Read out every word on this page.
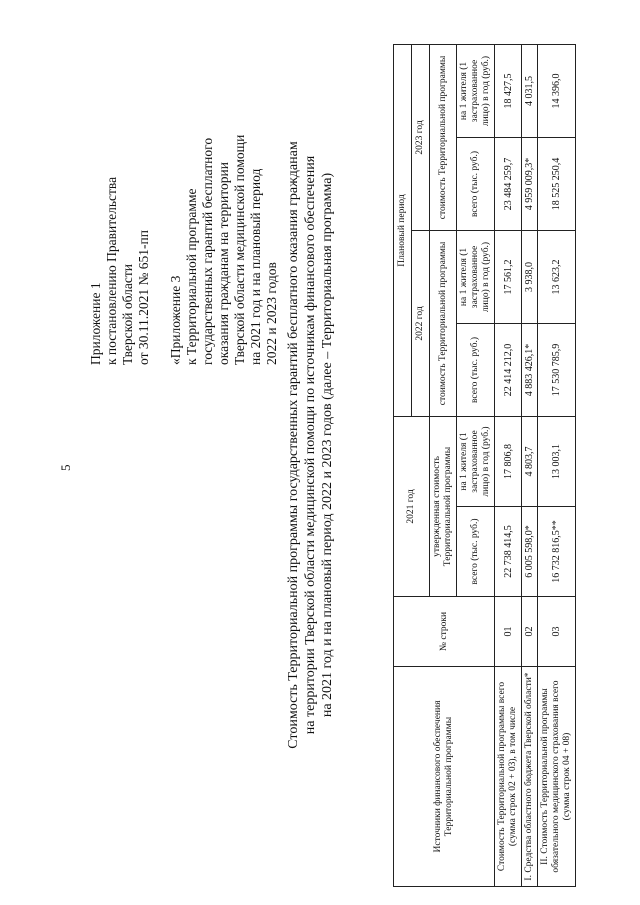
5
Приложение 1 к постановлению Правительства Тверской области от 30.11.2021 № 651-пп «Приложение 3 к Территориальной программе государственных гарантий бесплатного оказания гражданам на территории Тверской области медицинской помощи на 2021 год и на плановый период 2022 и 2023 годов Стоимость Территориальной программы государственных гарантий бесплатного оказания гражданам на территории Тверской области медицинской помощи по источникам финансового обеспечения на 2021 год и на плановый период 2022 и 2023 годов (далее – Территориальная программа)
Источники финансового обеспечения Территориальной программы	№ строки	2021 год		Плановый период			
				2022 год		2023 год	
		утвержденная стоимость Территориальной программы		стоимость Территориальной программы		стоимость Территориальной программы	
		всего (тыс. руб.)	на 1 жителя (1 застрахованное лицо) в год (руб.)	всего (тыс. руб.)	на 1 жителя (1 застрахованное лицо) в год (руб.)	всего (тыс. руб.)	на 1 жителя (1 застрахованное лицо) в год (руб.)
Стоимость Территориальной программы всего (сумма строк 02 + 03), в том числе	01	22 738 414,5	17 806,8	22 414 212,0	17 561,2	23 484 259,7	18 427,5
I. Средства областного бюджета Тверской области*	02	6 005 598,0*	4 803,7	4 883 426,1*	3 938,0	4 959 009,3*	4 031,5
II. Стоимость Территориальной программы обязательного медицинского страхования всего (сумма строк 04 + 08)	03	16 732 816,5**	13 003,1	17 530 785,9	13 623,2	18 525 250,4	14 396,0
